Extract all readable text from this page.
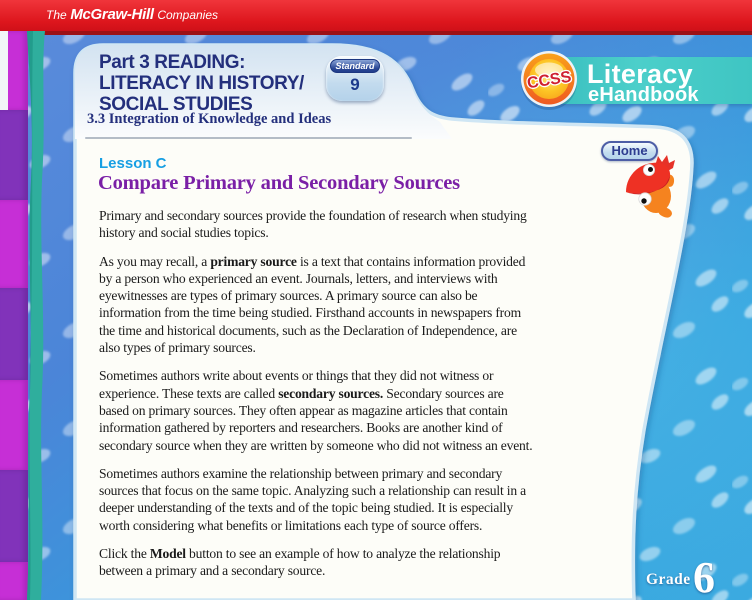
The McGraw-Hill Companies
Literacy
eHandbook
CCSS
Part 3 READING:
LITERACY IN HISTORY/
SOCIAL STUDIES
3.3 Integration of Knowledge and Ideas
Standard
9
Home
Lesson C
Compare Primary and Secondary Sources

Primary and secondary sources provide the foundation of research when studying history and social studies topics.

As you may recall, a primary source is a text that contains information provided by a person who experienced an event. Journals, letters, and interviews with eyewitnesses are types of primary sources. A primary source can also be information from the time being studied. Firsthand accounts in newspapers from the time and historical documents, such as the Declaration of Independence, are also types of primary sources.

Sometimes authors write about events or things that they did not witness or experience. These texts are called secondary sources. Secondary sources are based on primary sources. They often appear as magazine articles that contain information gathered by reporters and researchers. Books are another kind of secondary source when they are written by someone who did not witness an event.

Sometimes authors examine the relationship between primary and secondary sources that focus on the same topic. Analyzing such a relationship can result in a deeper understanding of the texts and of the topic being studied. It is especially worth considering what benefits or limitations each type of source offers.

Click the Model button to see an example of how to analyze the relationship between a primary and a secondary source.

Grade 6
